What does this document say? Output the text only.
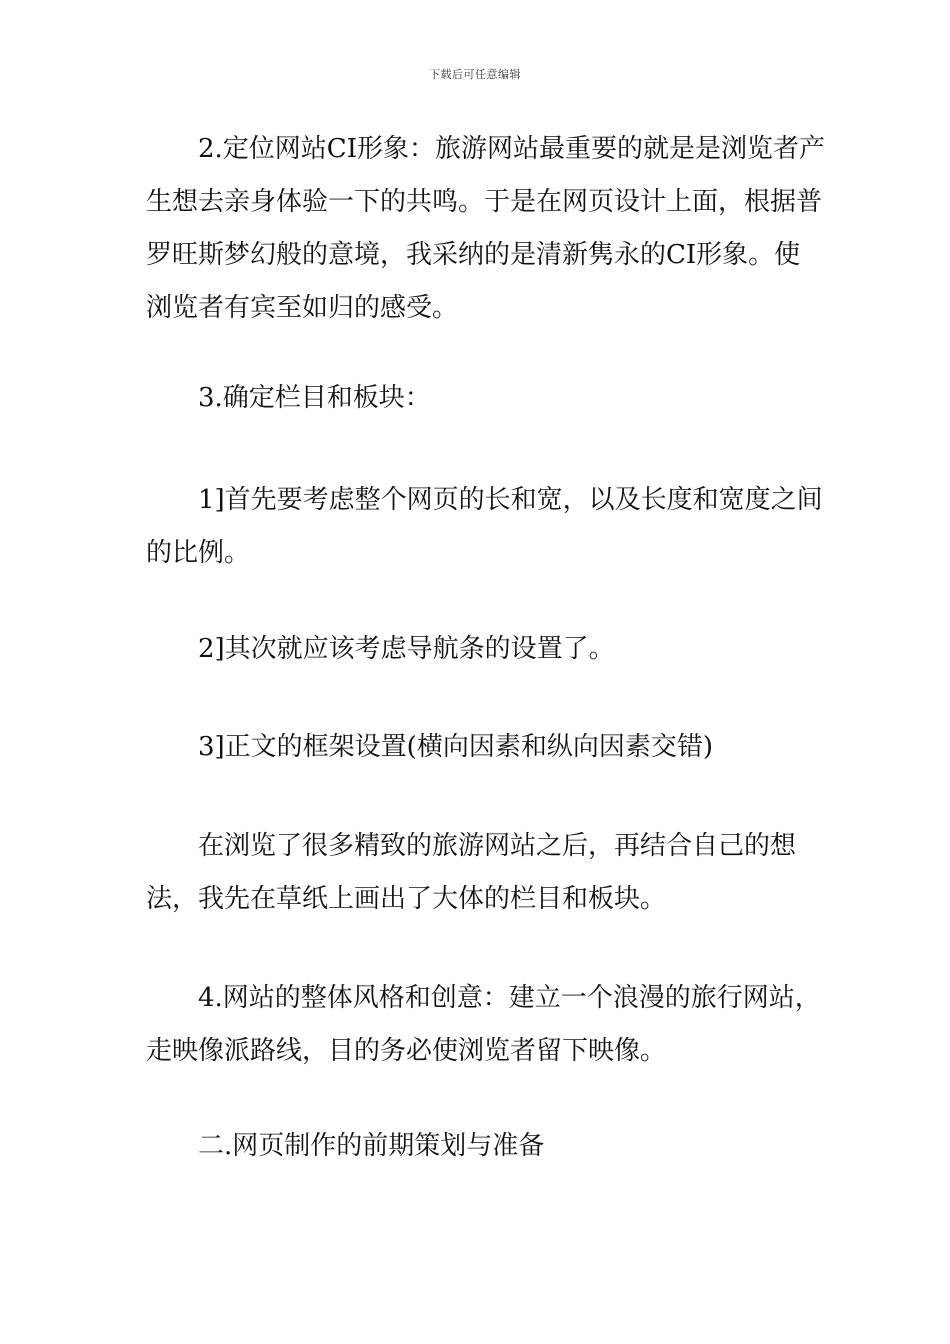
下载后可任意编辑

2.定位网站CI形象：旅游网站最重要的就是是浏览者产生想去亲身体验一下的共鸣。于是在网页设计上面，根据普罗旺斯梦幻般的意境，我采纳的是清新隽永的CI形象。使浏览者有宾至如归的感受。

3.确定栏目和板块：

1]首先要考虑整个网页的长和宽，以及长度和宽度之间的比例。

2]其次就应该考虑导航条的设置了。

3]正文的框架设置(横向因素和纵向因素交错)

在浏览了很多精致的旅游网站之后，再结合自己的想法，我先在草纸上画出了大体的栏目和板块。

4.网站的整体风格和创意：建立一个浪漫的旅行网站，走映像派路线，目的务必使浏览者留下映像。

二.网页制作的前期策划与准备
